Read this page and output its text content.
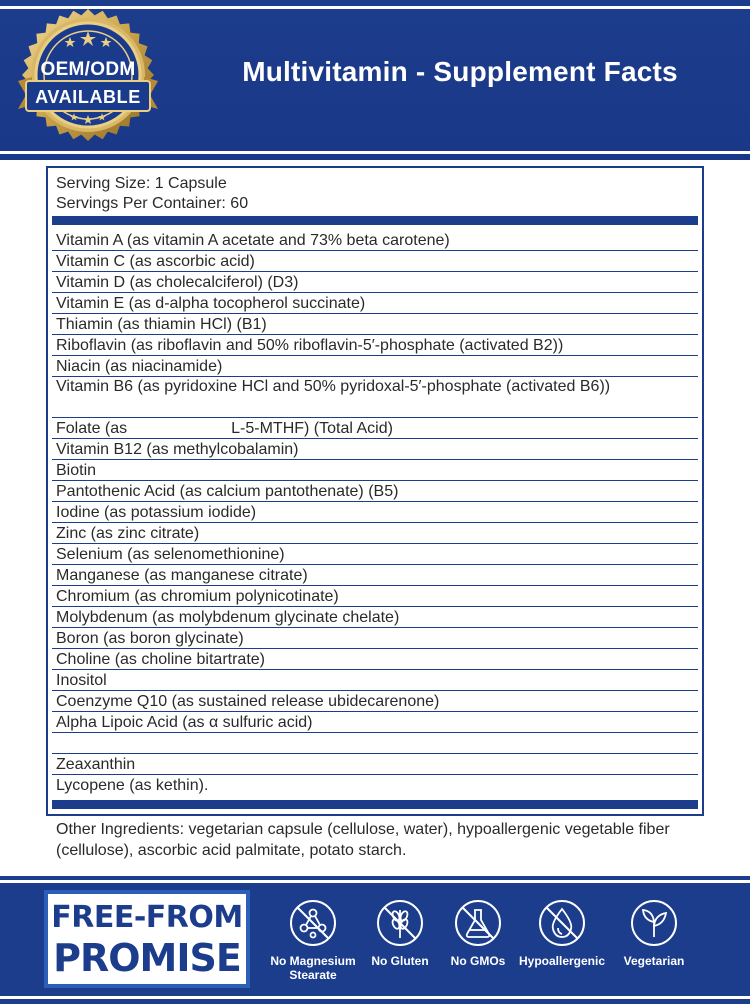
Multivitamin - Supplement Facts
OEM/ODM
AVAILABLE
Serving Size: 1 Capsule
Servings Per Container: 60
Vitamin A (as vitamin A acetate and 73% beta carotene)
Vitamin C (as ascorbic acid)
Vitamin D (as cholecalciferol) (D3)
Vitamin E (as d-alpha tocopherol succinate)
Thiamin (as thiamin HCl) (B1)
Riboflavin (as riboflavin and 50% riboflavin-5′-phosphate (activated B2))
Niacin (as niacinamide)
Vitamin B6 (as pyridoxine HCl and 50% pyridoxal-5′-phosphate (activated B6))
Folate (as	L-5-MTHF) (Total Acid)
Vitamin B12 (as methylcobalamin)
Biotin
Pantothenic Acid (as calcium pantothenate) (B5)
Iodine (as potassium iodide)
Zinc (as zinc citrate)
Selenium (as selenomethionine)
Manganese (as manganese citrate)
Chromium (as chromium polynicotinate)
Molybdenum (as molybdenum glycinate chelate)
Boron (as boron glycinate)
Choline (as choline bitartrate)
Inositol
Coenzyme Q10 (as sustained release ubidecarenone)
Alpha Lipoic Acid (as α sulfuric acid)
Zeaxanthin
Lycopene (as kethin).
Other Ingredients: vegetarian capsule (cellulose, water), hypoallergenic vegetable fiber (cellulose), ascorbic acid palmitate, potato starch.
FREE-FROM
PROMISE	No Magnesium Stearate
No Gluten	No GMOs	Hypoallergenic	Vegetarian
